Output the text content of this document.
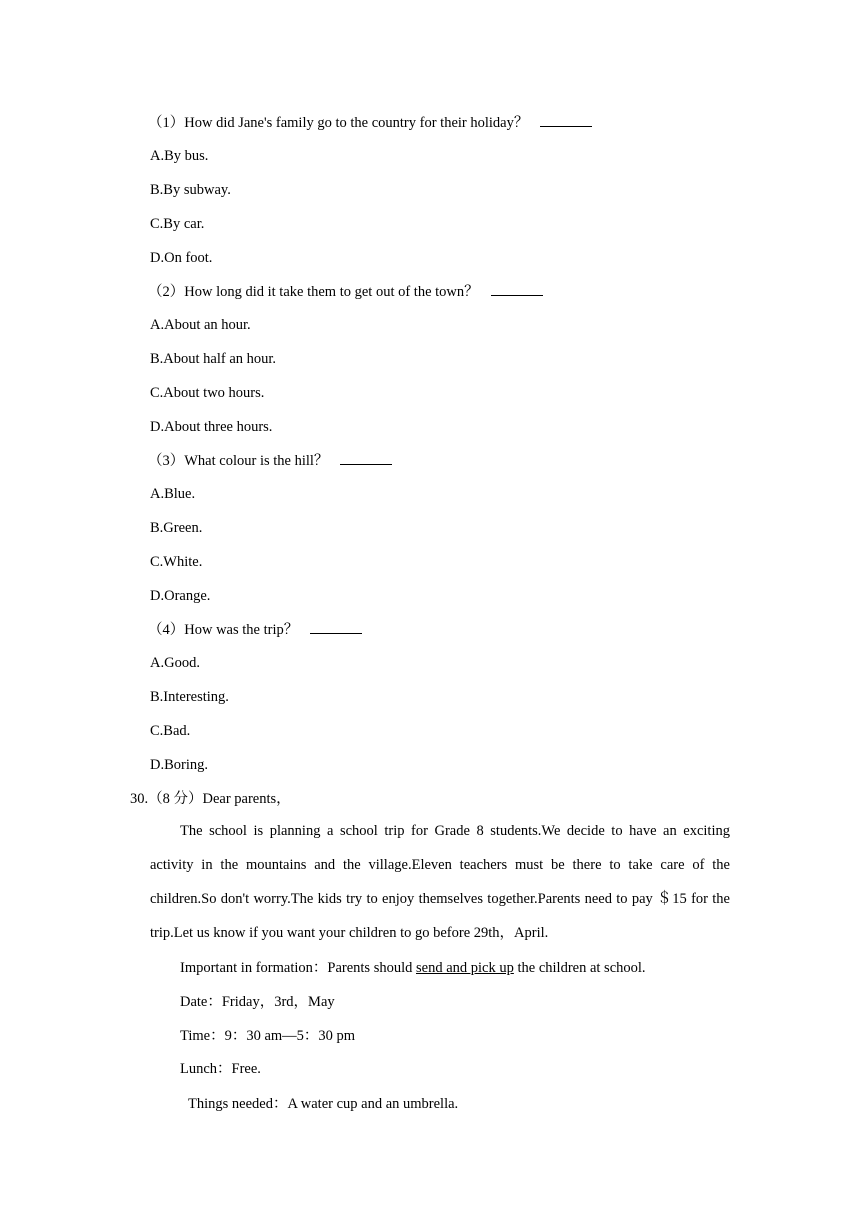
（1）How did Jane's family go to the country for their holiday？
A.By bus.
B.By subway.
C.By car.
D.On foot.
（2）How long did it take them to get out of the town？
A.About an hour.
B.About half an hour.
C.About two hours.
D.About three hours.
（3）What colour is the hill？
A.Blue.
B.Green.
C.White.
D.Orange.
（4）How was the trip？
A.Good.
B.Interesting.
C.Bad.
D.Boring.
30.（8 分）Dear parents，

The school is planning a school trip for Grade 8 students.We decide to have an exciting activity in the mountains and the village.Eleven teachers must be there to take care of the children.So don't worry.The kids try to enjoy themselves together.Parents need to pay ＄15 for the trip.Let us know if you want your children to go before 29th，April.

Important in formation：Parents should send and pick up the children at school.
Date：Friday，3rd，May
Time：9：30 am—5：30 pm
Lunch：Free.
Things needed：A water cup and an umbrella.
